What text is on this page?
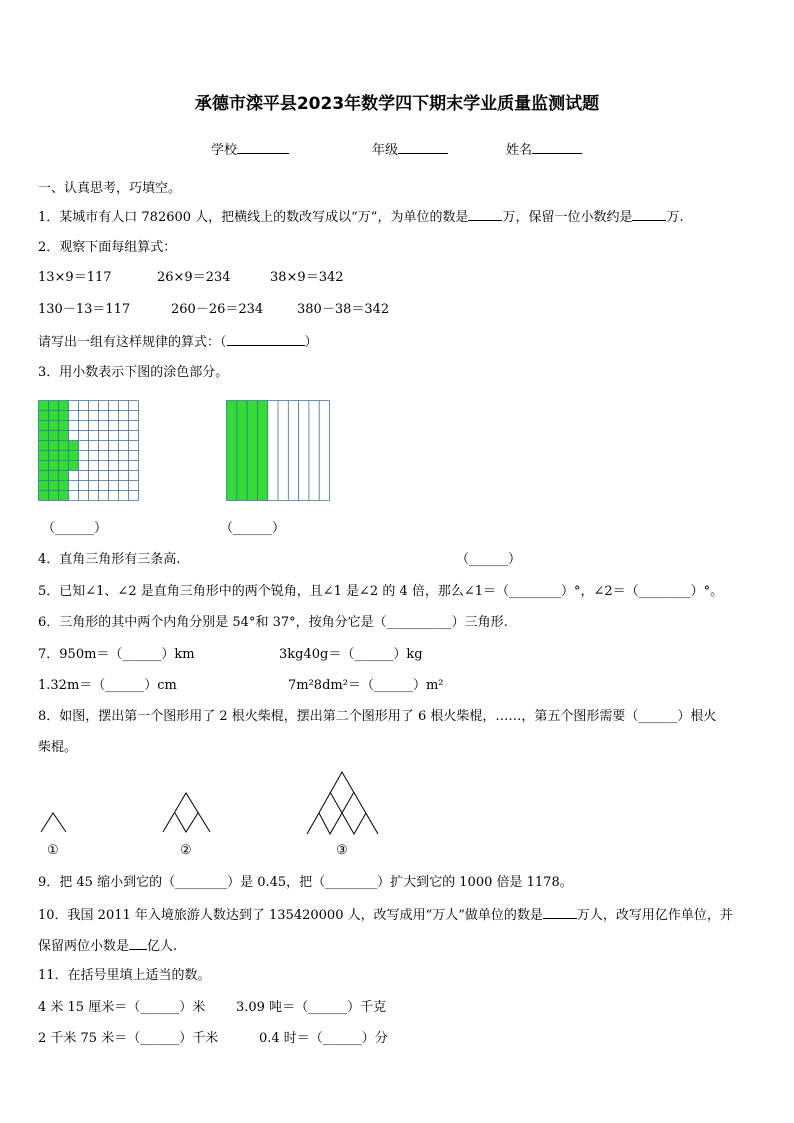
承德市滦平县2023年数学四下期末学业质量监测试题
学校	年级	姓名
一、认真思考，巧填空。
1．某城市有人口 782600 人，把横线上的数改写成以“万”，为单位的数是	万，保留一位小数约是	万.
2．观察下面每组算式：
13×9＝117	26×9＝234	38×9＝342
130－13＝117	260－26＝234	380－38＝342
请写出一组有这样规律的算式：（	）
3．用小数表示下图的涂色部分。
（______）	（______）
4．直角三角形有三条高.	（______）
5．已知∠1、∠2 是直角三角形中的两个锐角，且∠1 是∠2 的 4 倍，那么∠1＝（________）°，∠2＝（________）°。
6．三角形的其中两个内角分别是 54°和 37°，按角分它是（__________）三角形.
7．950m＝（______）km	3kg40g＝（______）kg
1.32m＝（______）cm	7m²8dm²＝（______）m²
8．如图，摆出第一个图形用了 2 根火柴棍，摆出第二个图形用了 6 根火柴棍，……，第五个图形需要（______）根火
柴棍。
①	②	③
9．把 45 缩小到它的（________）是 0.45，把（________）扩大到它的 1000 倍是 1178。
10．我国 2011 年入境旅游人数达到了 135420000 人，改写成用“万人”做单位的数是	万人，改写用亿作单位，并
保留两位小数是 亿人.
11．在括号里填上适当的数。
4 米 15 厘米＝（______）米 3.09 吨＝（______）千克
2 千米 75 米＝（______）千米	0.4 时＝（______）分
